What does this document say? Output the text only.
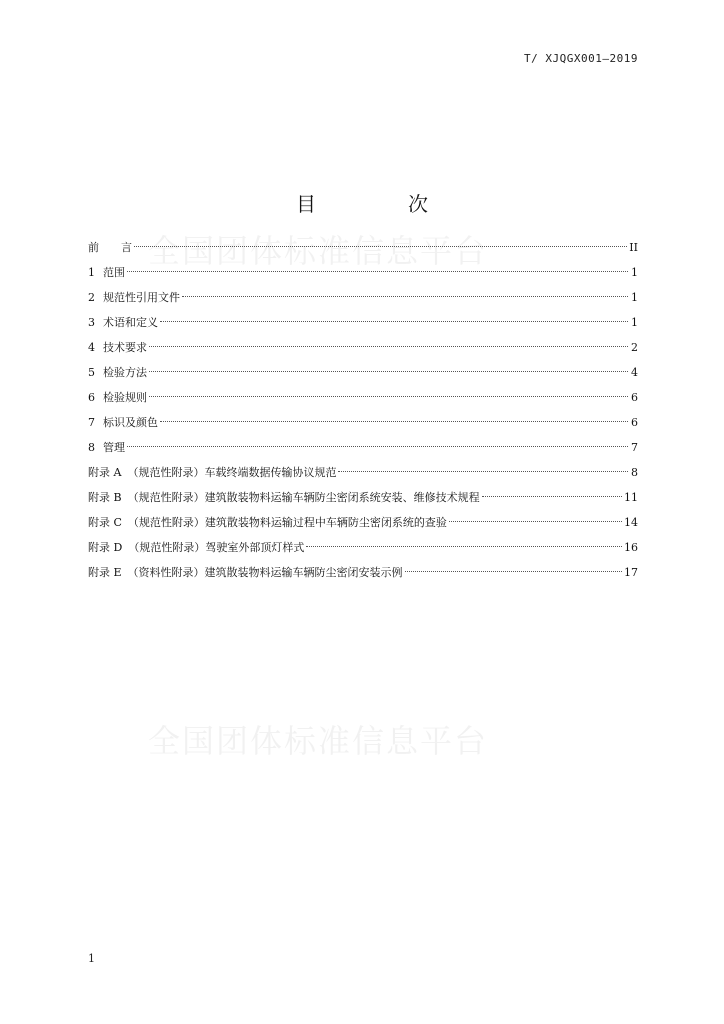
T/ XJQGX001—2019
全国团体标准信息平台
全国团体标准信息平台
目　次
前 言	II
1 范围	1
2 规范性引用文件	1
3 术语和定义	1
4 技术要求	2
5 检验方法	4
6 检验规则	6
7 标识及颜色	6
8 管理	7
附录 A （规范性附录）车载终端数据传输协议规范	8
附录 B （规范性附录）建筑散装物料运输车辆防尘密闭系统安装、维修技术规程	11
附录 C （规范性附录）建筑散装物料运输过程中车辆防尘密闭系统的查验	14
附录 D （规范性附录）驾驶室外部顶灯样式	16
附录 E （资料性附录）建筑散装物料运输车辆防尘密闭安装示例	17
1
